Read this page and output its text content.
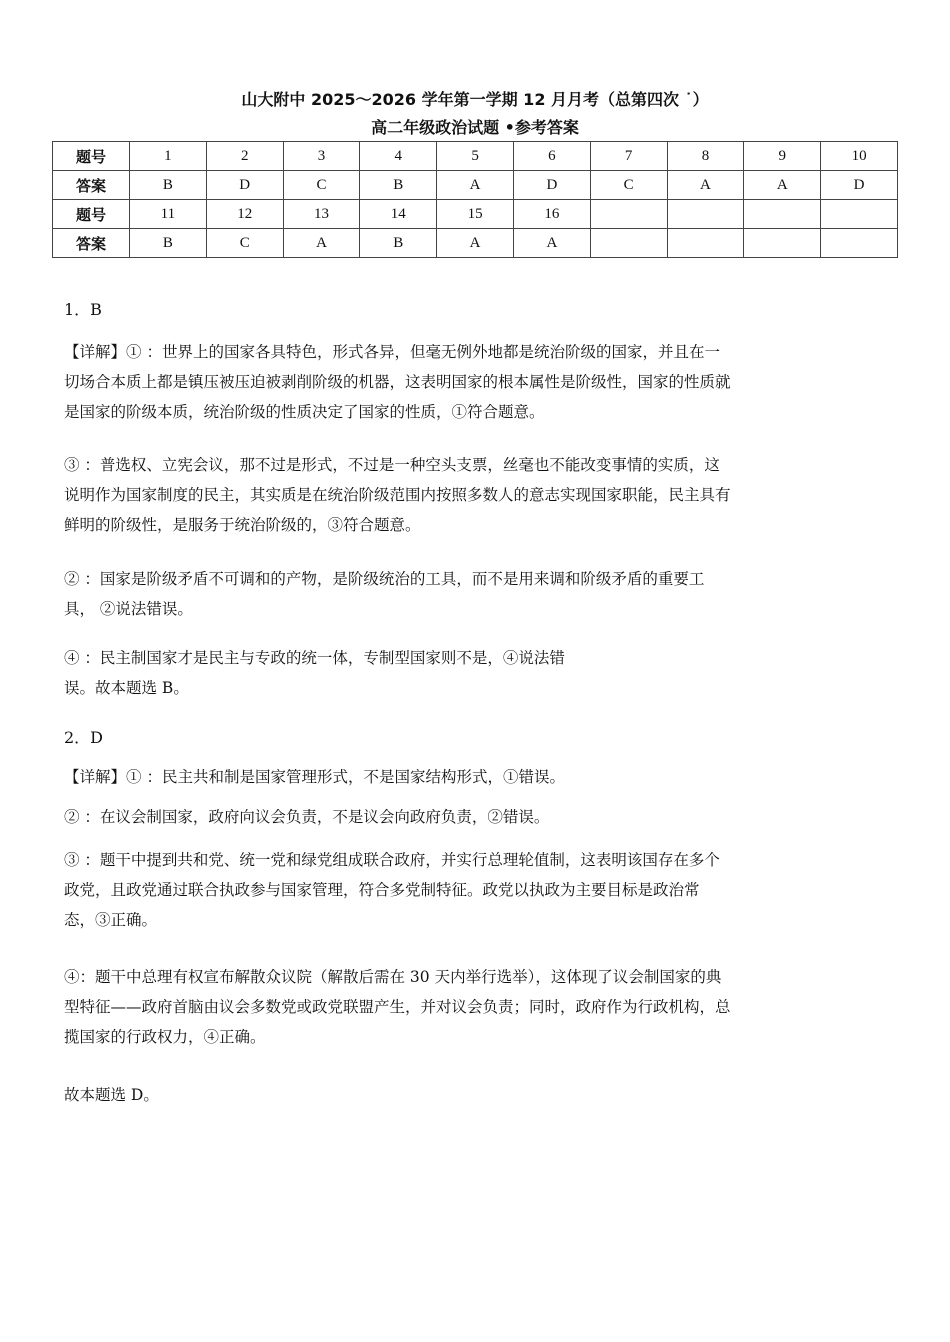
山大附中 2025～2026 学年第一学期 12 月月考（总第四次 ˙）
高二年级政治试题 •参考答案
题号	1	2	3	4	5	6	7	8	9	10
答案	B	D	C	B	A	D	C	A	A	D
题号	11	12	13	14	15	16				
答案	B	C	A	B	A	A				
1．B
【详解】① ：世界上的国家各具特色，形式各异，但毫无例外地都是统治阶级的国家，并且在一
切场合本质上都是镇压被压迫被剥削阶级的机器，这表明国家的根本属性是阶级性，国家的性质就
是国家的阶级本质，统治阶级的性质决定了国家的性质，①符合题意。
③ ：普选权、立宪会议，那不过是形式，不过是一种空头支票，丝毫也不能改变事情的实质，这
说明作为国家制度的民主，其实质是在统治阶级范围内按照多数人的意志实现国家职能，民主具有
鲜明的阶级性，是服务于统治阶级的，③符合题意。
② ：国家是阶级矛盾不可调和的产物，是阶级统治的工具，而不是用来调和阶级矛盾的重要工
具， ②说法错误。
④ ：民主制国家才是民主与专政的统一体，专制型国家则不是，④说法错
误。故本题选 B。
2．D
【详解】① ：民主共和制是国家管理形式，不是国家结构形式，①错误。
② ：在议会制国家，政府向议会负责，不是议会向政府负责，②错误。
③ ：题干中提到共和党、统一党和绿党组成联合政府，并实行总理轮值制，这表明该国存在多个
政党，且政党通过联合执政参与国家管理，符合多党制特征。政党以执政为主要目标是政治常
态，③正确。
④：题干中总理有权宣布解散众议院（解散后需在 30 天内举行选举），这体现了议会制国家的典
型特征——政府首脑由议会多数党或政党联盟产生，并对议会负责；同时，政府作为行政机构，总
揽国家的行政权力，④正确。
故本题选 D。
